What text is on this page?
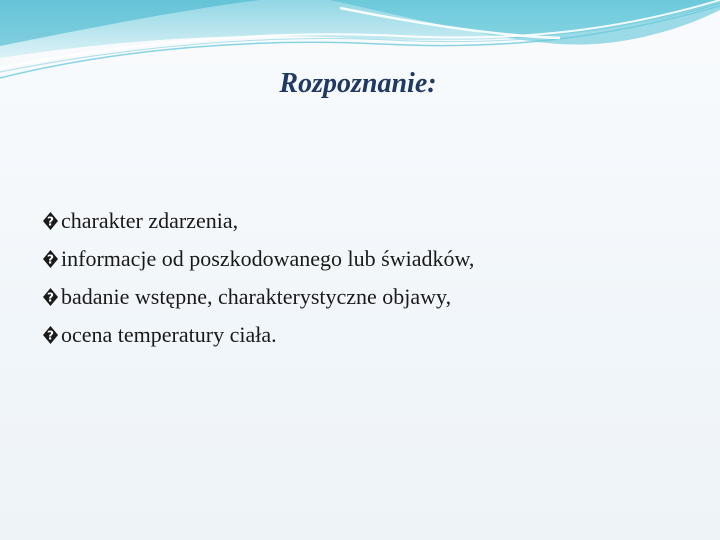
Rozpoznanie:
? charakter zdarzenia,
? informacje od poszkodowanego lub świadków,
? badanie wstępne, charakterystyczne objawy,
? ocena temperatury ciała.
